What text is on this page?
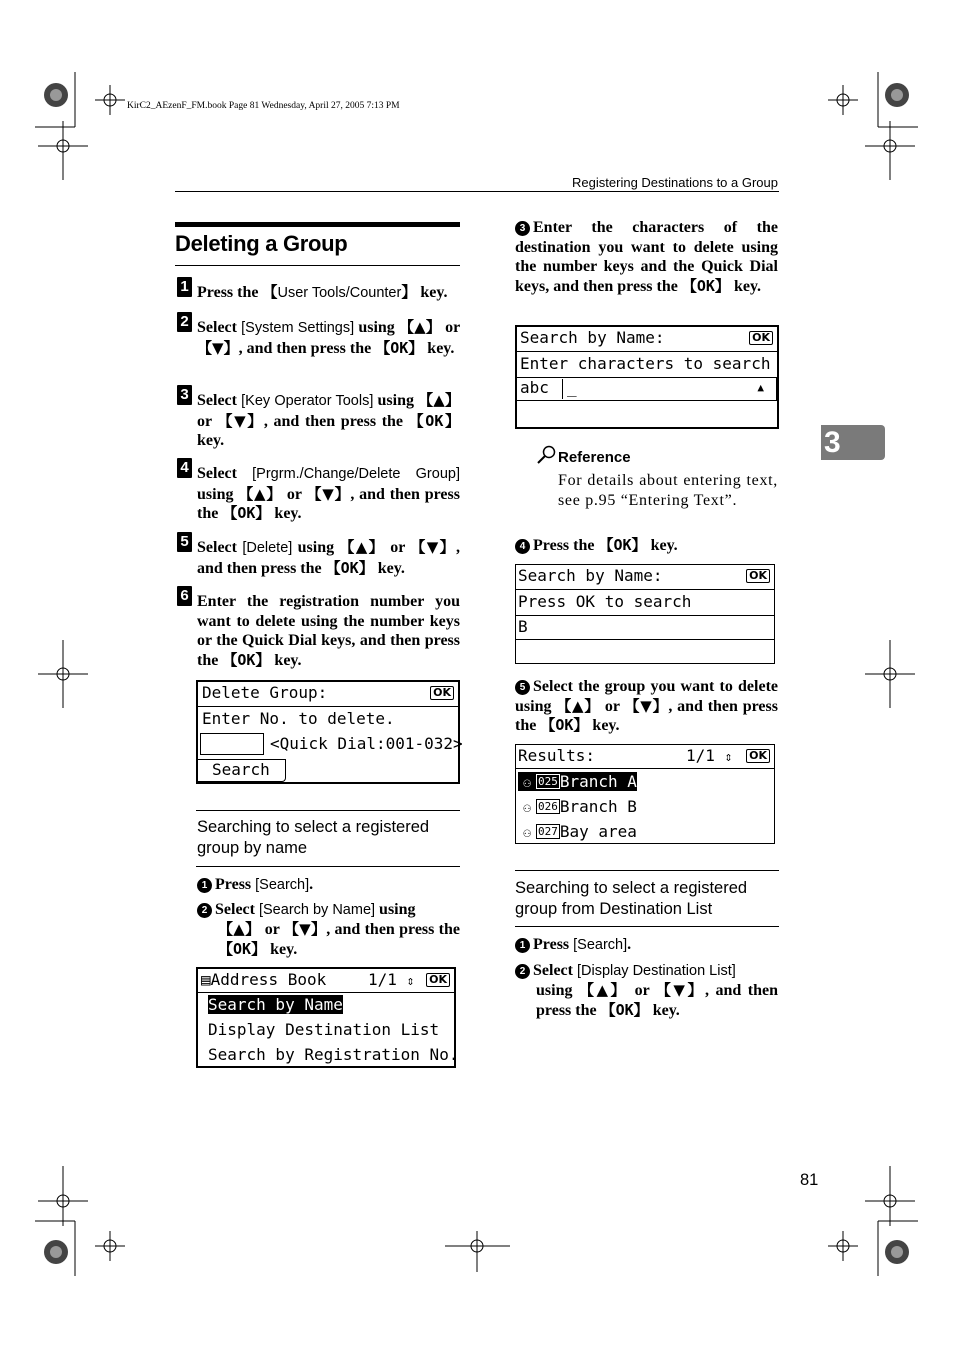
KirC2_AEzenF_FM.book Page 81 Wednesday, April 27, 2005 7:13 PM
Registering Destinations to a Group
Deleting a Group
1 Press the 【User Tools/Counter】 key.
2 Select [System Settings] using 【▲】 or 【▼】, and then press the 【OK】 key.
3 Select [Key Operator Tools] using 【▲】 or 【▼】, and then press the 【OK】 key.
4 Select [Prgrm./Change/Delete Group] using 【▲】 or 【▼】, and then press the 【OK】 key.
5 Select [Delete] using 【▲】 or 【▼】, and then press the 【OK】 key.
6 Enter the registration number you want to delete using the number keys or the Quick Dial keys, and then press the 【OK】 key.
Delete Group:	OK
Enter No. to delete.
<Quick Dial:001-032>
Search
Searching to select a registered group by name
1 Press [Search].
2 Select [Search by Name] using
【▲】 or 【▼】, and then press the 【OK】 key.
▤Address Book	1/1 ⇕	OK
Search by Name
Display Destination List
Search by Registration No.
3 Enter the characters of the destination you want to delete using the number keys and the Quick Dial keys, and then press the 【OK】 key.
Search by Name:	OK
Enter characters to search
abc _	▲
Reference
For details about entering text, see p.95 “Entering Text”.
4 Press the 【OK】 key.
Search by Name:	OK
Press OK to search
B
5 Select the group you want to delete using 【▲】 or 【▼】, and then press the 【OK】 key.
Results:	1/1 ⇕	OK
⚇ 025 Branch A
⚇ 026 Branch B
⚇ 027 Bay area
Searching to select a registered group from Destination List
1 Press [Search].
2 Select [Display Destination List]
using 【▲】 or 【▼】, and then press the 【OK】 key.
3
81
